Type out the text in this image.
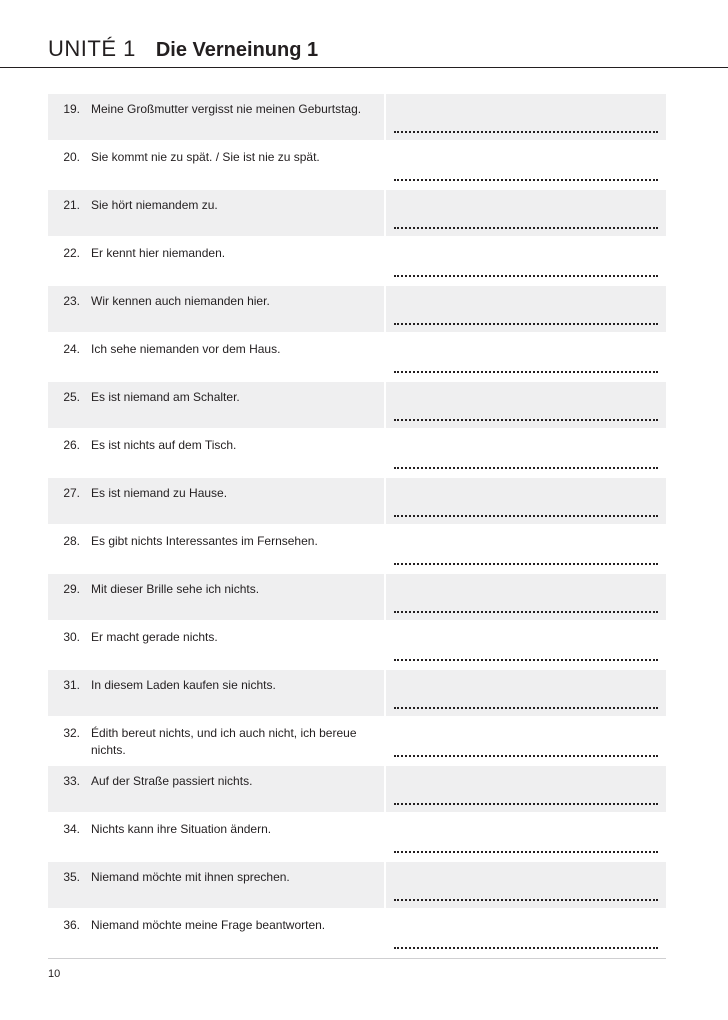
UNITÉ 1 Die Verneinung 1
19. Meine Großmutter vergisst nie meinen Geburtstag.
20. Sie kommt nie zu spät. / Sie ist nie zu spät.
21. Sie hört niemandem zu.
22. Er kennt hier niemanden.
23. Wir kennen auch niemanden hier.
24. Ich sehe niemanden vor dem Haus.
25. Es ist niemand am Schalter.
26. Es ist nichts auf dem Tisch.
27. Es ist niemand zu Hause.
28. Es gibt nichts Interessantes im Fernsehen.
29. Mit dieser Brille sehe ich nichts.
30. Er macht gerade nichts.
31. In diesem Laden kaufen sie nichts.
32. Édith bereut nichts, und ich auch nicht, ich bereue nichts.
33. Auf der Straße passiert nichts.
34. Nichts kann ihre Situation ändern.
35. Niemand möchte mit ihnen sprechen.
36. Niemand möchte meine Frage beantworten.
10
